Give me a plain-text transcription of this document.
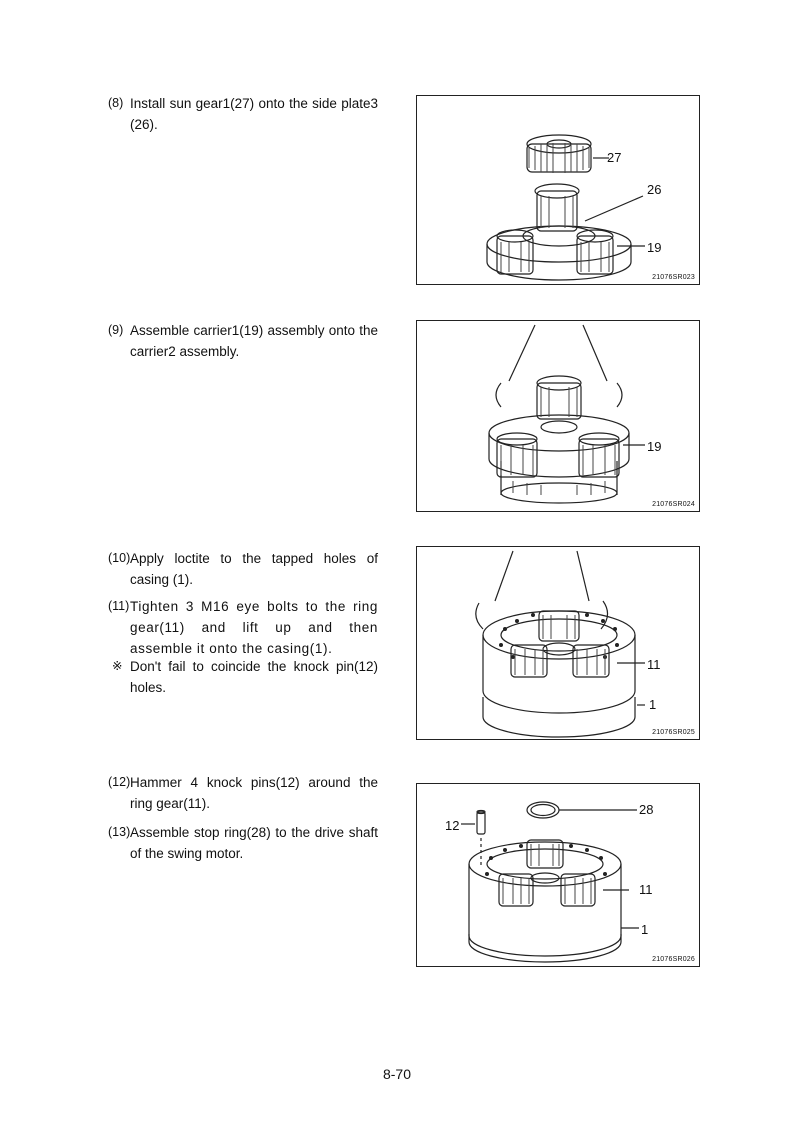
(8) Install sun gear1(27) onto the side plate3 (26).
(9) Assemble carrier1(19) assembly onto the carrier2 assembly.
(10) Apply loctite to the tapped holes of casing (1).
(11) Tighten 3 M16 eye bolts to the ring gear(11) and lift up and then assemble it onto the casing(1).
※ Don't fail to coincide the knock pin(12) holes.
(12) Hammer 4 knock pins(12) around the ring gear(11).
(13) Assemble stop ring(28) to the drive shaft of the swing motor.
27
26
19
21076SR023
19
21076SR024
11
1
21076SR025
28
12
11
1
21076SR026
8-70
